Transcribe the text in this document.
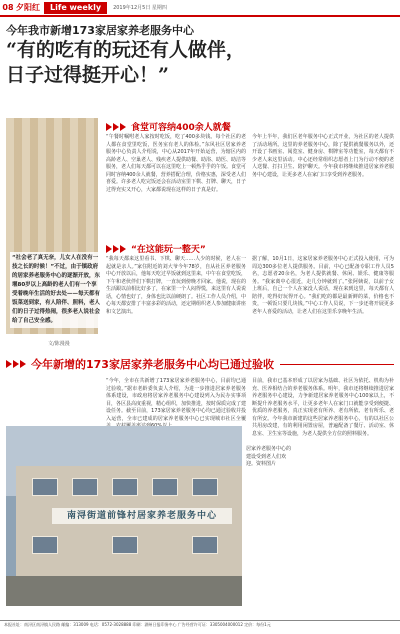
08 夕阳红	Life weekly	2019年12月5日 星期四
今年我市新增173家居家养老服务中心
“有的吃有的玩还有人做伴，
日子过得挺开心！”
“社会老了真无奈，儿女人在没有一技之长的时候！”不过，由于镇政府的居家养老服务中心的逐渐开放，东堰80岁以上高龄的老人们有一个享受着晚年生活的好去处——每天都有饭菜送到家，有人陪伴、照料，老人们的日子过得热闹，很多老人说社会给了自己安全感。
文/陈漫漫
食堂可容纳400余人就餐
“午餐时嘱咐老人家按时吃饭，吃了400多块钱。每个社区的老人都在食堂里吃饭，医务室有老人的体检。”东风社区居家养老服务中心负责人介绍说，中心从2017年开始运营，为辖区内的高龄老人、空巢老人、残疾老人提供助餐、助浴、助医、助洁等服务，老人们每天都可以在这里吃上一顿热乎乎的午饭。食堂可同时容纳400余人就餐，营养搭配合理，价格实惠，深受老人们喜爱。许多老人吃完饭还会在活动室里下棋、打牌、聊天，日子过得充实又开心，大家都说现在这样的日子真是好。
今年上半年，我们区老年服务中心正式开业，为社区的老人提供了活动场所。这里的养老服务中心，除了提供就餐服务以外，还开设了书画室、阅览室、健身房、棋牌室等功能室，每天都有不少老人来这里活动。中心还经常组织志愿者上门为行动不便的老人送餐、打扫卫生、陪护聊天。今年我市将继续推进居家养老服务中心建设，让更多老人在家门口享受到养老服务。
“在这能玩一整天”
“我每天都来这里看书、下棋、聊天……人少的时候，老人在一起就是亲人。”家住附近的刘大爷今年78岁，自从社区养老服务中心开放以后，他每天吃过早饭就到这里来，中午在食堂吃饭，下午和老伙伴们下棋打牌，一直玩到傍晚才回家。他说，现在的生活跟以前相比好多了，在家里一个人闷得慌，来这里有人说说话，心情也好了，身体也比以前硬朗了。社区工作人员介绍，中心每天都安排了丰富多彩的活动，还定期组织老人参加健康讲座和文艺演出。
据了解，10月1日，这家居家养老服务中心正式投入使用，可为周边300多位老人提供服务。目前，中心已配备专职工作人员5名，志愿者20余名，为老人提供就餐、休闲、娱乐、健康等服务。“我家离中心很近，走几分钟就到了。”张阿姨说，以前子女上班后，自己一个人在家没人说话，现在来到这里，每天都有人陪伴，吃得好玩得开心。“我们吃的都是最新鲜的菜，价格也不贵，一顿饭只要几块钱。”中心工作人员说，下一步还将开展更多老年人喜爱的活动，让老人们在这里乐享晚年生活。
今年新增的173家居家养老服务中心均已通过验收
“今年，全市在共新增了173家居家养老服务中心，目前均已通过验收。”据市老龄委负责人介绍，为进一步推进居家养老服务体系建设，市政府将居家养老服务中心建设列入为民办实事项目，各区县高度重视，精心组织，加快推进，按时保质完成了建设任务。截至目前，173家居家养老服务中心均已通过验收并投入运营，全市已建成的居家养老服务中心已实现城市社区全覆
目前，我市已基本形成了以居家为基础、社区为依托、机构为补充、医养相结合的养老服务体系。明年，我市还将继续推进居家养老服务中心建设，力争新建居家养老服务中心100家以上，不断提升养老服务水平，让更多老年人在家门口就能享受到便捷、优质的养老服务，真正实现老有所养、老有所依、老有所乐、老有所安。今年我市新建的这些居家养老服务中心，有的以社区公共用房改建，有的利用闲置房屋，普遍配备了餐厅、活动室、休息室、卫生室等设施，为老人提供全方位的照料服务。
南浔街道前锋村居家养老服务中心
居家养老服务中心的建设受到老人们欢迎。资料图片
本报社址：南浔区南浔镇人民路 邮编：313009 电话：0572-3028888 印刷：湖州日报印务中心 广告经营许可证：3305004000012 定价：每份1元
